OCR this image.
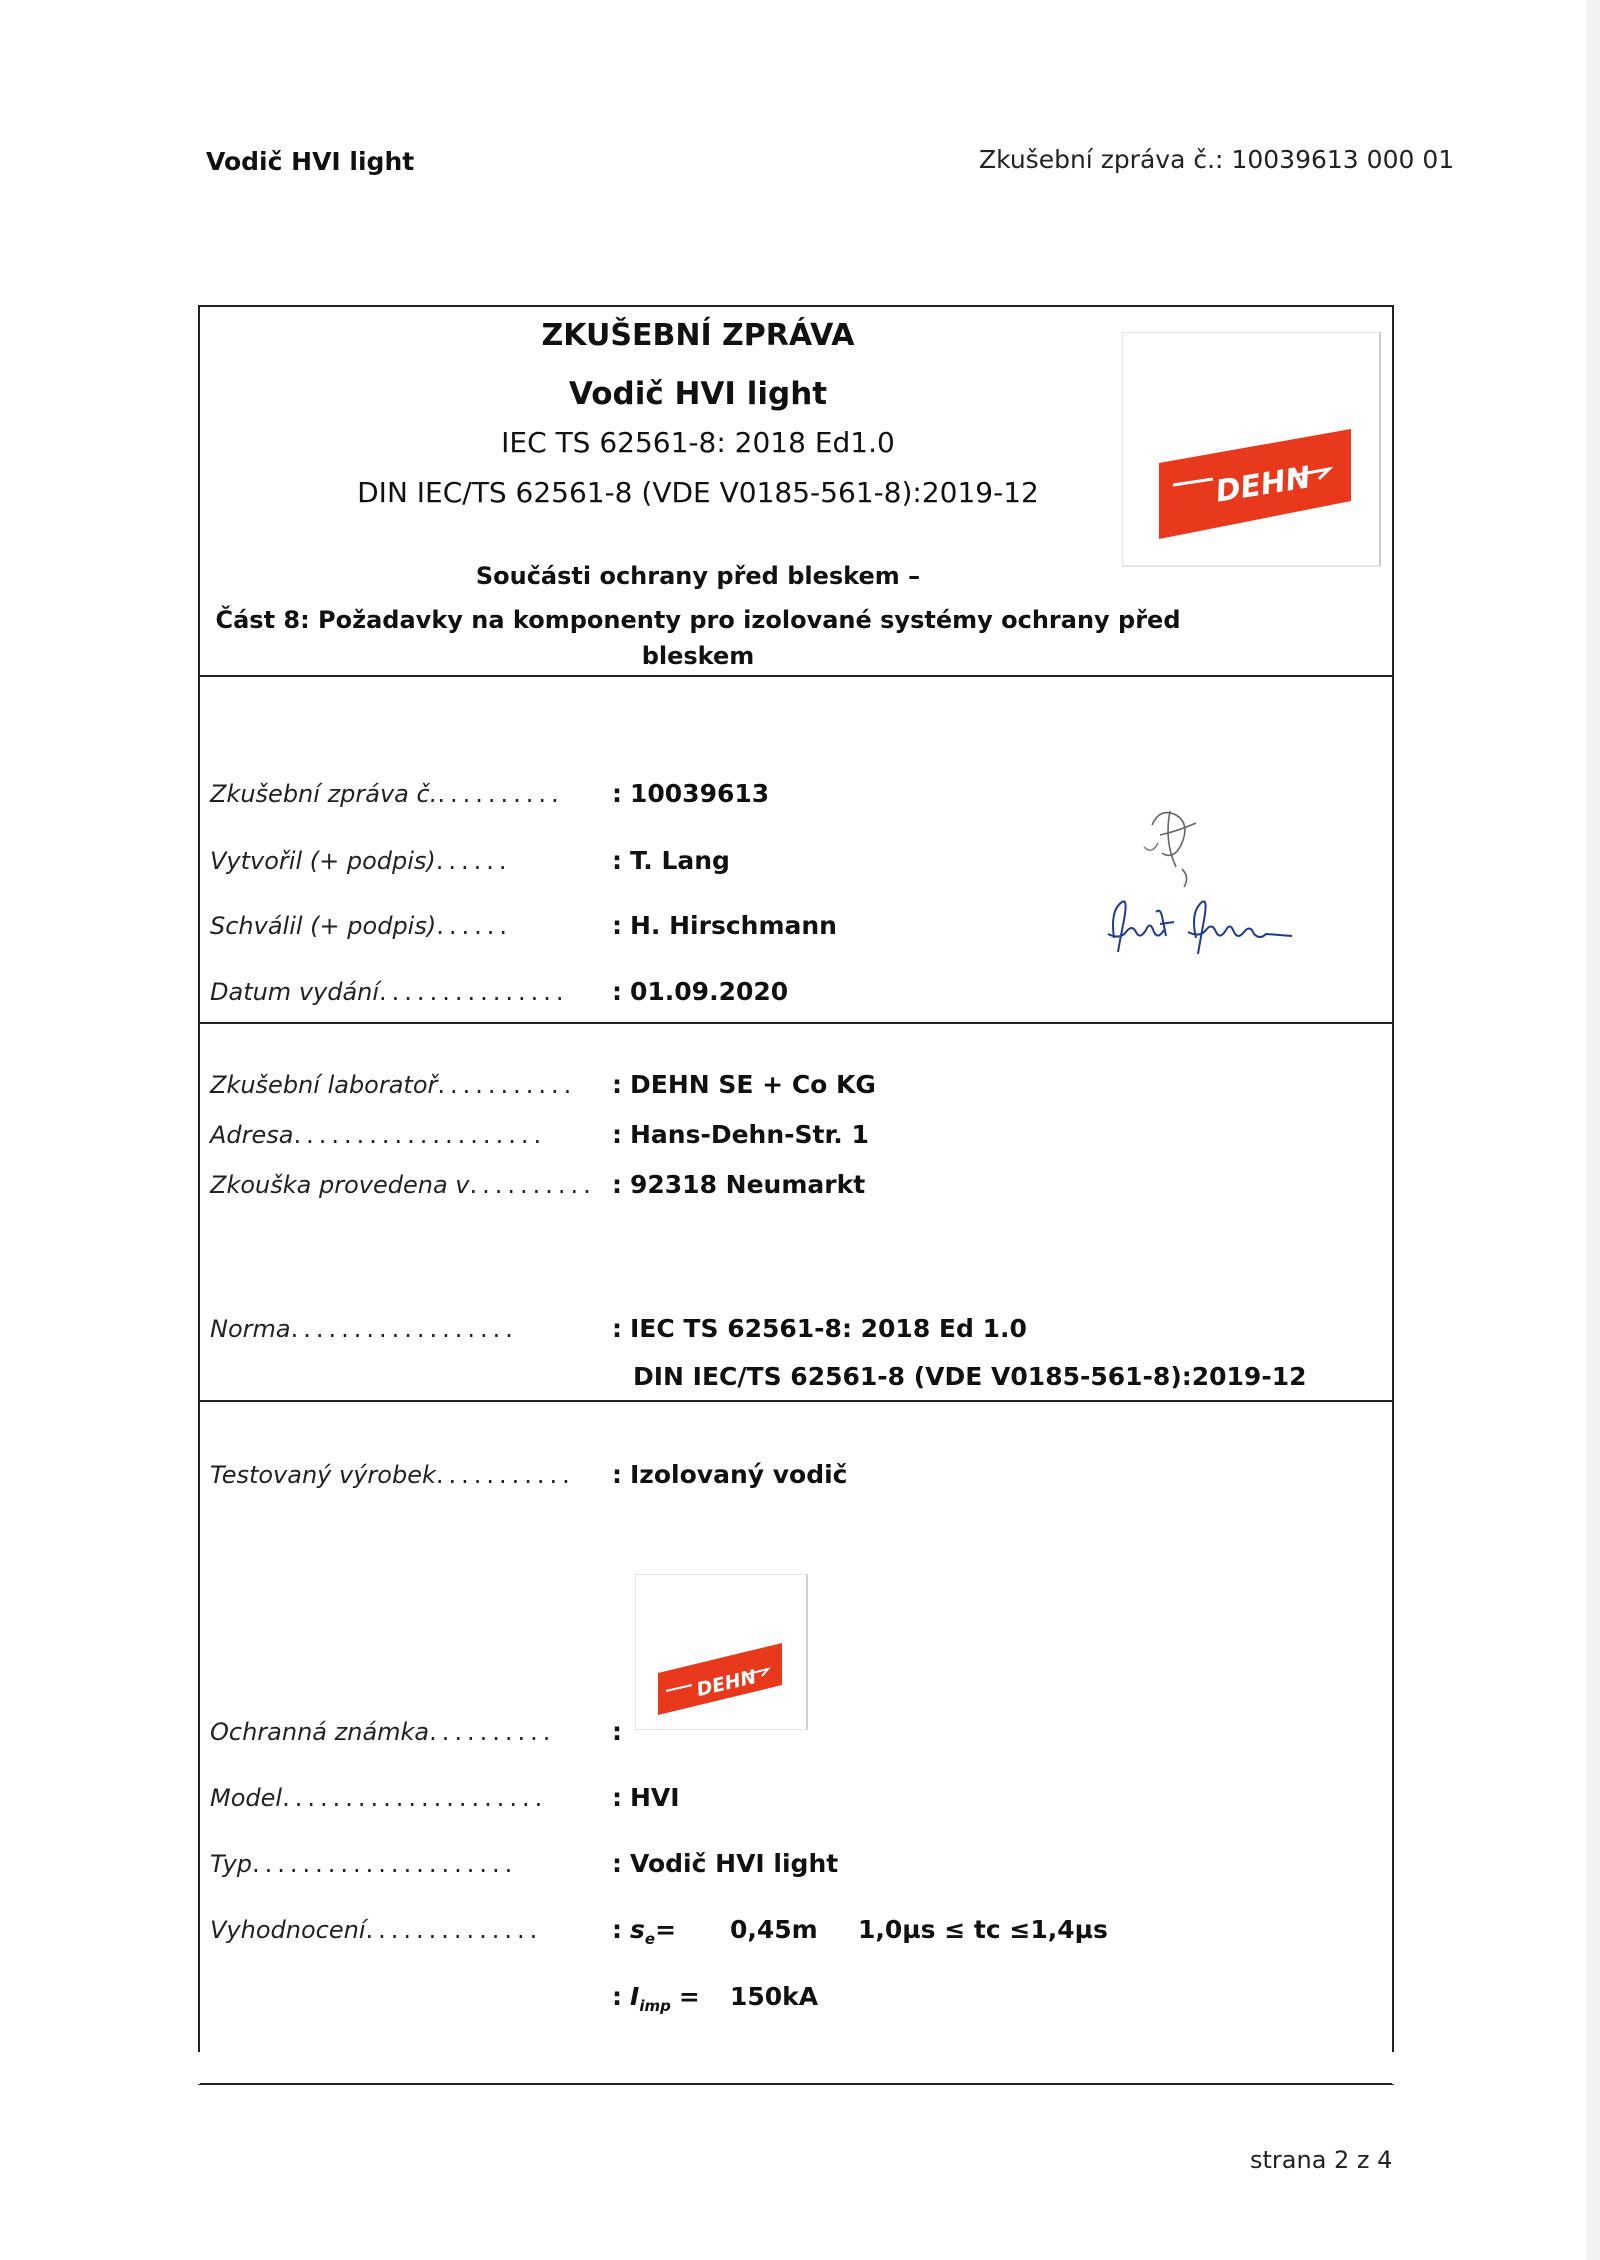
Vodič HVI light	Zkušební zpráva č.: 10039613 000 01
ZKUŠEBNÍ ZPRÁVA
Vodič HVI light
IEC TS 62561-8: 2018 Ed1.0
DIN IEC/TS 62561-8 (VDE V0185-561-8):2019-12
Součásti ochrany před bleskem –
Část 8: Požadavky na komponenty pro izolované systémy ochrany před
bleskem
DEHN
Zkušební zpráva č........... : 10039613
Vytvořil (+ podpis)......	: T. Lang
Schválil (+ podpis)......	: H. Hirschmann
Datum vydání............... : 01.09.2020
Zkušební laboratoř........... : DEHN SE + Co KG
Adresa....................	: Hans-Dehn-Str. 1
Zkouška provedena v.......... : 92318 Neumarkt
Norma..................	: IEC TS 62561-8: 2018 Ed 1.0
DIN IEC/TS 62561-8 (VDE V0185-561-8):2019-12
Testovaný výrobek........... : Izolovaný vodič
DEHN
Ochranná známka.......... :
Model.....................	: HVI
Typ.....................	: Vodič HVI light
Vyhodnocení..............	: $s_e= 0,45m$ 1,0µs ≤ tc ≤1,4µs
: $I_{imp} = 150kA$
strana 2 z 4
